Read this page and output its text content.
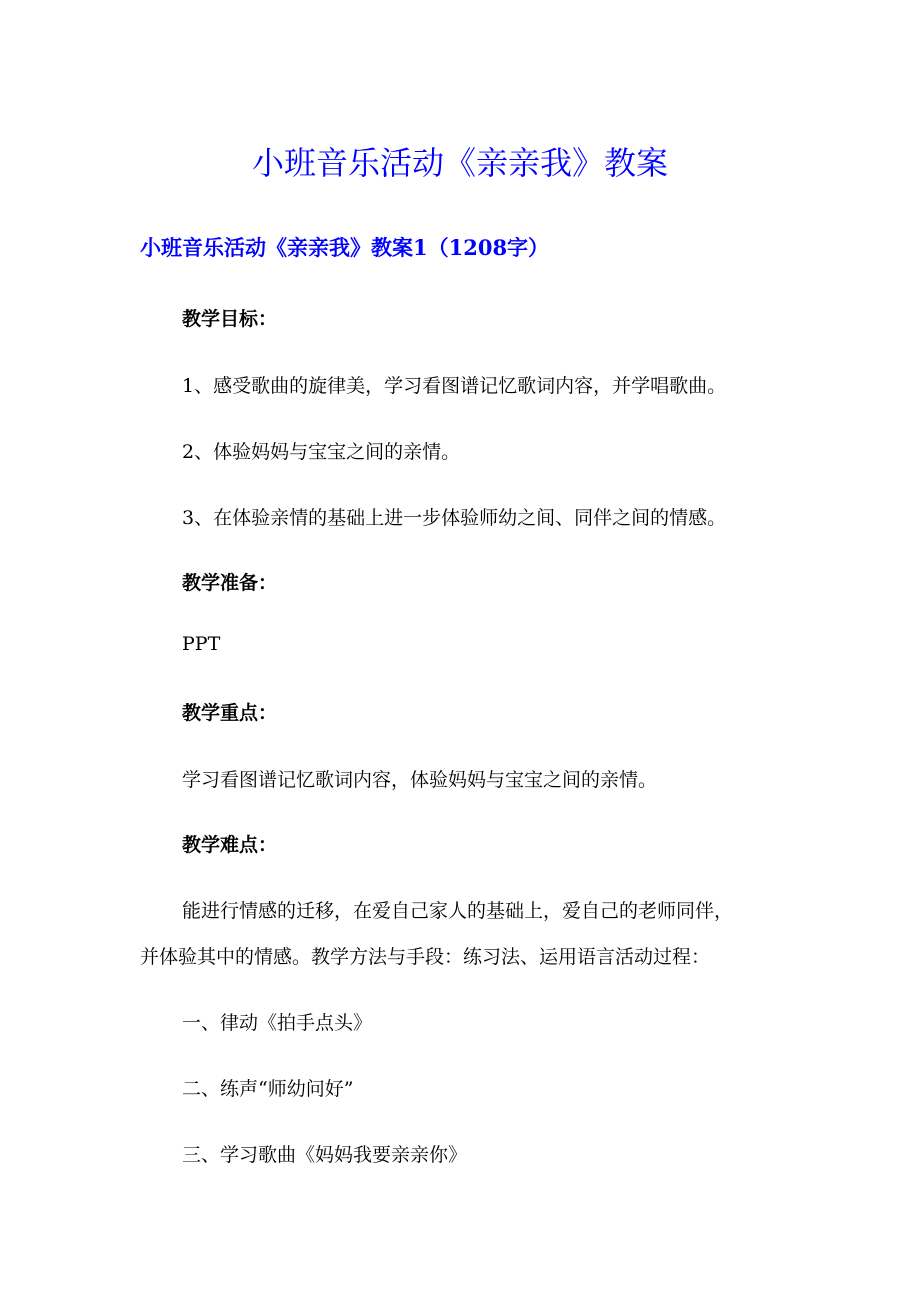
小班音乐活动《亲亲我》教案
小班音乐活动《亲亲我》教案1（1208字）
教学目标：
1、感受歌曲的旋律美，学习看图谱记忆歌词内容，并学唱歌曲。
2、体验妈妈与宝宝之间的亲情。
3、在体验亲情的基础上进一步体验师幼之间、同伴之间的情感。
教学准备：
PPT
教学重点：
学习看图谱记忆歌词内容，体验妈妈与宝宝之间的亲情。
教学难点：
能进行情感的迁移，在爱自己家人的基础上，爱自己的老师同伴，
并体验其中的情感。教学方法与手段：练习法、运用语言活动过程：
一、律动《拍手点头》
二、练声“师幼问好”
三、学习歌曲《妈妈我要亲亲你》
